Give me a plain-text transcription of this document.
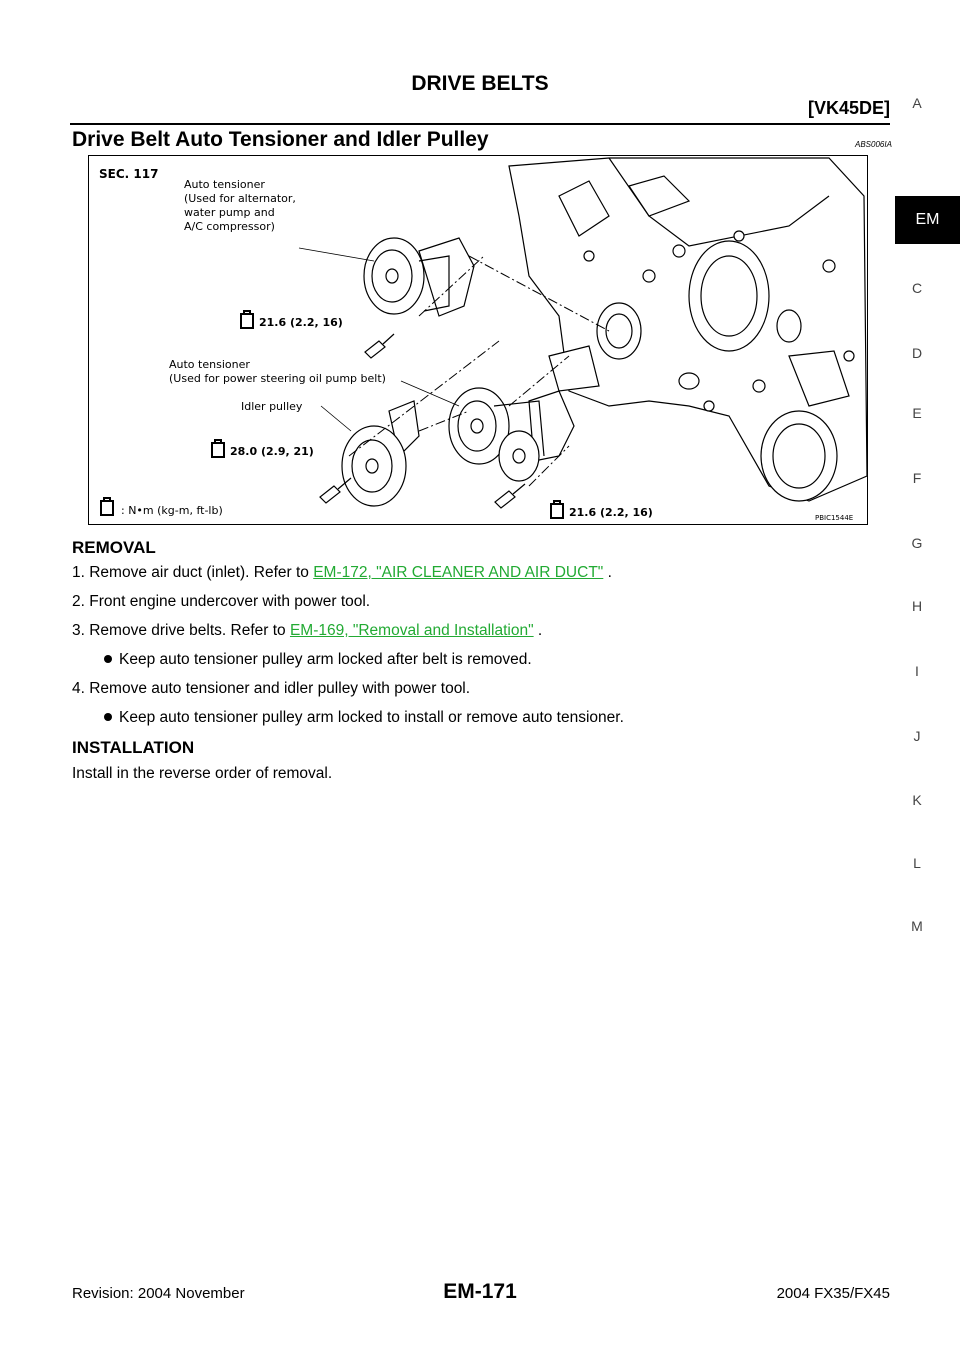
DRIVE BELTS
[VK45DE]
Drive Belt Auto Tensioner and Idler Pulley	ABS006IA
SEC. 117
Auto tensioner
(Used for alternator,
water pump and
A/C compressor)
21.6 (2.2, 16)
Auto tensioner
(Used for power steering oil pump belt)
Idler pulley
28.0 (2.9, 21)
: N•m (kg-m, ft-lb)	21.6 (2.2, 16)	PBIC1544E
REMOVAL
1. Remove air duct (inlet). Refer to EM-172, "AIR CLEANER AND AIR DUCT" .
2. Front engine undercover with power tool.
3. Remove drive belts. Refer to EM-169, "Removal and Installation" .
Keep auto tensioner pulley arm locked after belt is removed.
4. Remove auto tensioner and idler pulley with power tool.
Keep auto tensioner pulley arm locked to install or remove auto tensioner.
INSTALLATION
Install in the reverse order of removal.
A
EM
C
D
E
F
G
H
I
J
K
L
M
Revision: 2004 November	EM-171	2004 FX35/FX45
